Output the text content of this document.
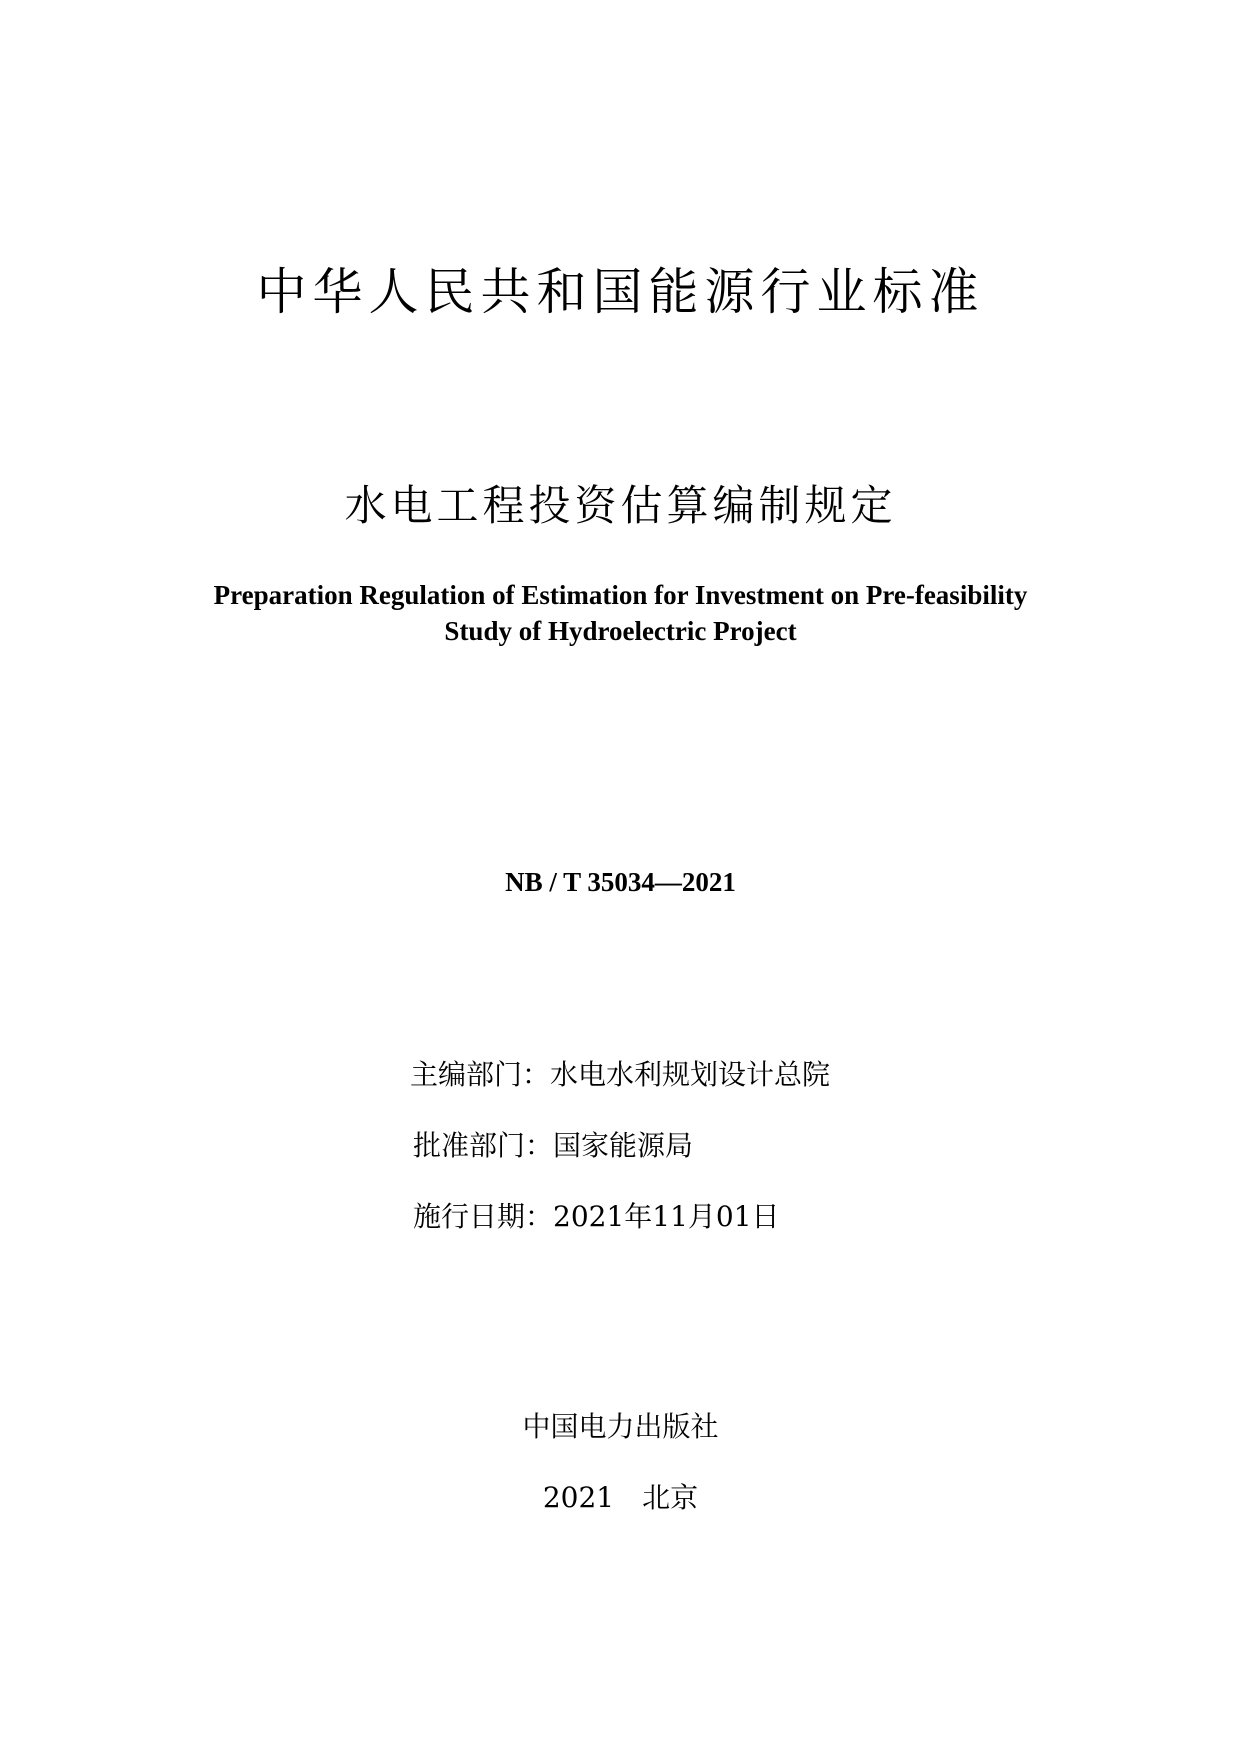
中华人民共和国能源行业标准
水电工程投资估算编制规定
Preparation Regulation of Estimation for Investment on Pre-feasibility
Study of Hydroelectric Project
NB / T 35034—2021
主编部门：水电水利规划设计总院
批准部门：国家能源局
施行日期：2021年11月01日
中国电力出版社
2021 北京
